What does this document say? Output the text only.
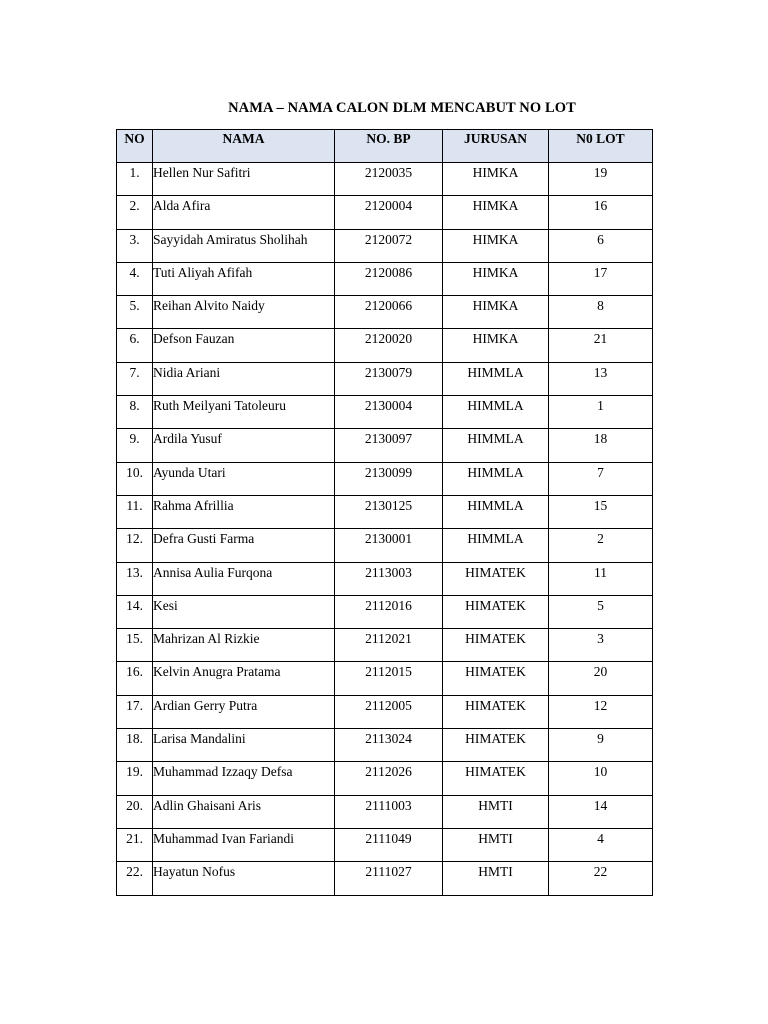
NAMA – NAMA CALON DLM MENCABUT NO LOT
NO	NAMA	NO. BP	JURUSAN	N0 LOT
1.	Hellen Nur Safitri	2120035	HIMKA	19
2.	Alda Afira	2120004	HIMKA	16
3.	Sayyidah Amiratus Sholihah	2120072	HIMKA	6
4.	Tuti Aliyah Afifah	2120086	HIMKA	17
5.	Reihan Alvito Naidy	2120066	HIMKA	8
6.	Defson Fauzan	2120020	HIMKA	21
7.	Nidia Ariani	2130079	HIMMLA	13
8.	Ruth Meilyani Tatoleuru	2130004	HIMMLA	1
9.	Ardila Yusuf	2130097	HIMMLA	18
10.	Ayunda Utari	2130099	HIMMLA	7
11.	Rahma Afrillia	2130125	HIMMLA	15
12.	Defra Gusti Farma	2130001	HIMMLA	2
13.	Annisa Aulia Furqona	2113003	HIMATEK	11
14.	Kesi	2112016	HIMATEK	5
15.	Mahrizan Al Rizkie	2112021	HIMATEK	3
16.	Kelvin Anugra Pratama	2112015	HIMATEK	20
17.	Ardian Gerry Putra	2112005	HIMATEK	12
18.	Larisa Mandalini	2113024	HIMATEK	9
19.	Muhammad Izzaqy Defsa	2112026	HIMATEK	10
20.	Adlin Ghaisani Aris	2111003	HMTI	14
21.	Muhammad Ivan Fariandi	2111049	HMTI	4
22.	Hayatun Nofus	2111027	HMTI	22
